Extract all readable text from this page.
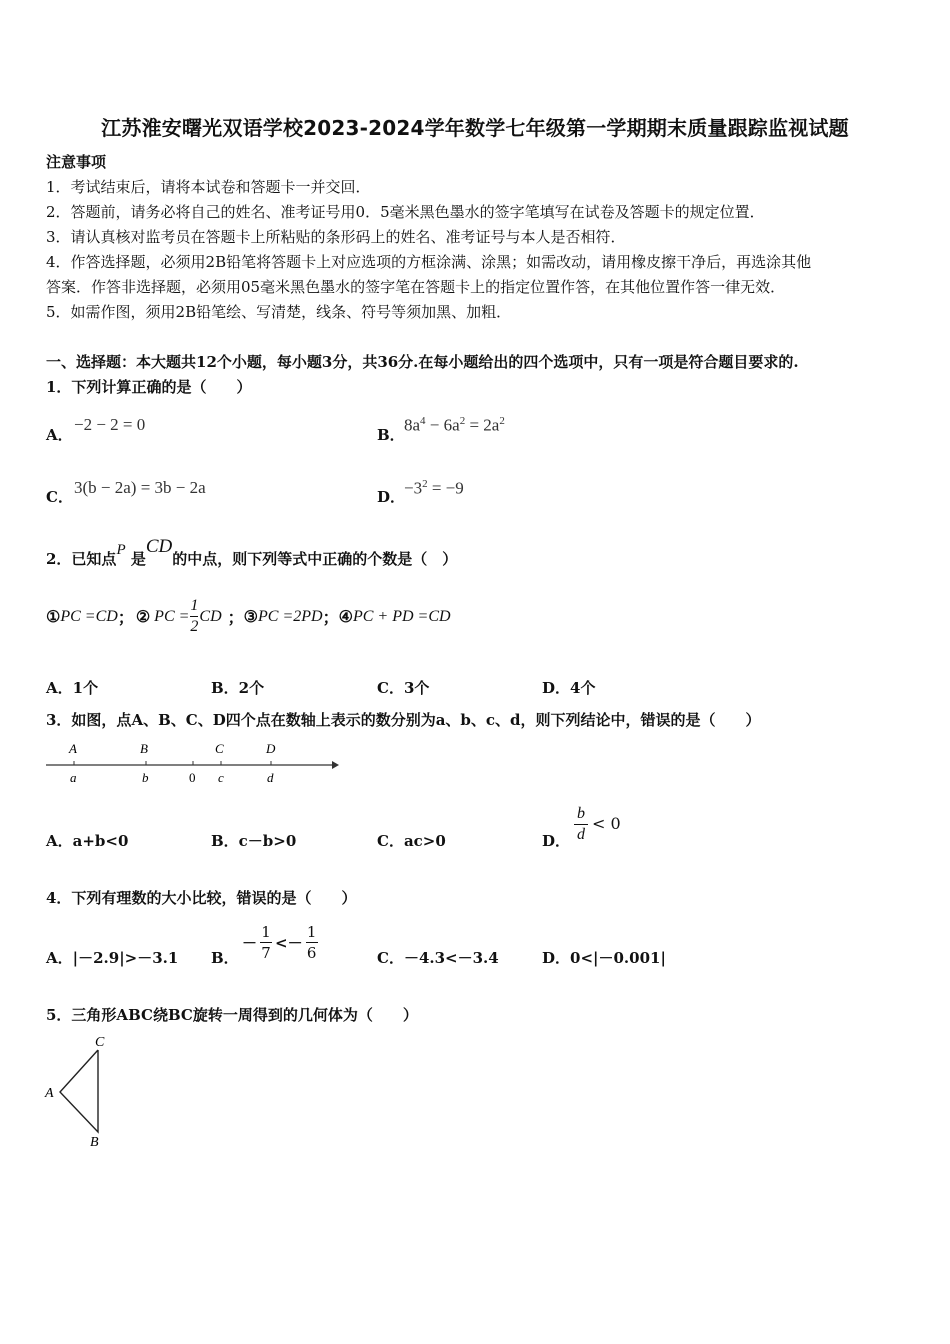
江苏淮安曙光双语学校2023-2024学年数学七年级第一学期期末质量跟踪监视试题
注意事项
1．考试结束后，请将本试卷和答题卡一并交回．
2．答题前，请务必将自己的姓名、准考证号用0．5毫米黑色墨水的签字笔填写在试卷及答题卡的规定位置．
3．请认真核对监考员在答题卡上所粘贴的条形码上的姓名、准考证号与本人是否相符．
4．作答选择题，必须用2B铅笔将答题卡上对应选项的方框涂满、涂黑；如需改动，请用橡皮擦干净后，再选涂其他
答案．作答非选择题，必须用05毫米黑色墨水的签字笔在答题卡上的指定位置作答，在其他位置作答一律无效．
5．如需作图，须用2B铅笔绘、写清楚，线条、符号等须加黑、加粗．
一、选择题：本大题共12个小题，每小题3分，共36分.在每小题给出的四个选项中，只有一项是符合题目要求的.
1．下列计算正确的是（　　）
A．
−2 − 2 = 0
B．
$8a^4 - 6a^2 = 2a^2$
C． 3(b − 2a) = 3b − 2a	D．
$-3^2 = -9$
2．已知点P 是CD的中点，则下列等式中正确的个数是（　）
① PC =CD ； ② PC = $\frac{1}{2}$ CD ； ③ PC =2PD ； ④ PC + PD =CD
A．1个	B．2个	C．3个	D．4个
3．如图，点A、B、C、D四个点在数轴上表示的数分别为a、b、c、d，则下列结论中，错误的是（　　）
A	B	C	D
a	b	0 c	d
A．a+b<0	B．c－b>0	C．ac>0	D． $\frac{b}{d} < 0$
4．下列有理数的大小比较，错误的是（　　）
A．|－2.9|>－3.1 B．
－ $\frac{1}{7} <- \frac{1}{6}$	C．－4.3<－3.4	D．0<|－0.001|
5．三角形ABC绕BC旋转一周得到的几何体为（　　）
C
A
B
